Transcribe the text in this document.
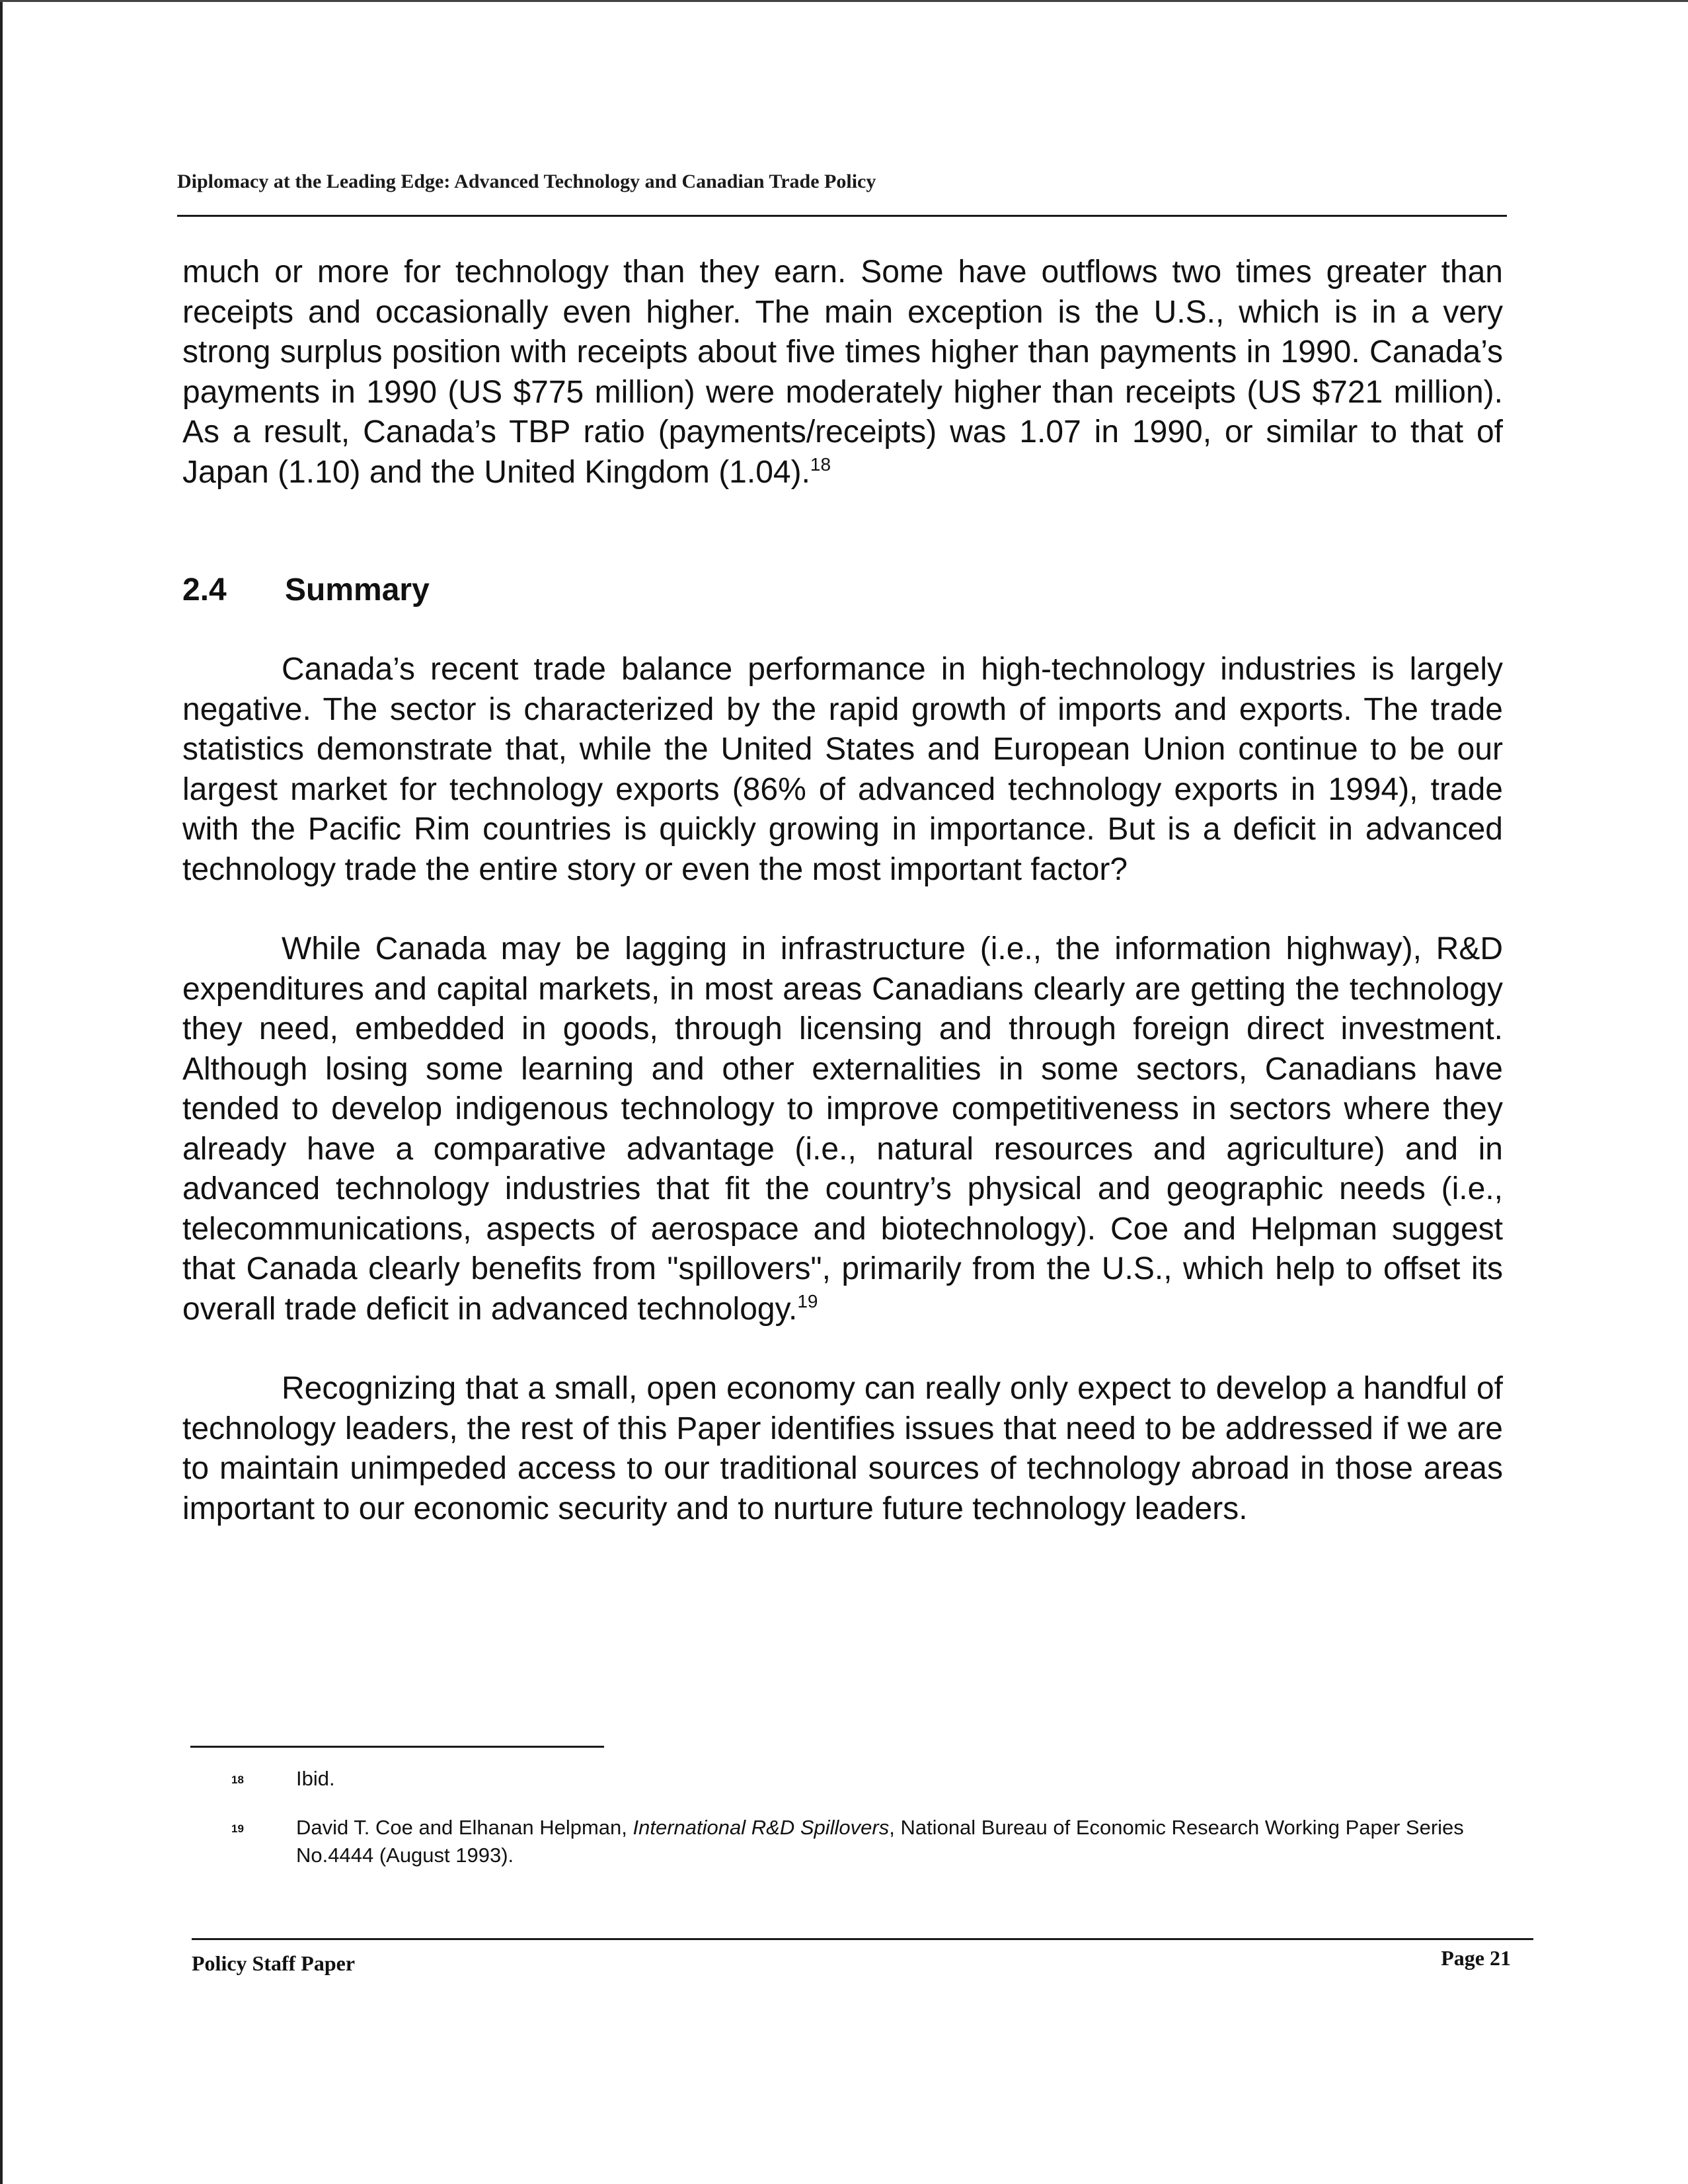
Diplomacy at the Leading Edge: Advanced Technology and Canadian Trade Policy

much or more for technology than they earn. Some have outflows two times greater than receipts and occasionally even higher. The main exception is the U.S., which is in a very strong surplus position with receipts about five times higher than payments in 1990. Canada’s payments in 1990 (US $775 million) were moderately higher than receipts (US $721 million). As a result, Canada’s TBP ratio (payments/receipts) was 1.07 in 1990, or similar to that of Japan (1.10) and the United Kingdom (1.04).$^{18}$

2.4	Summary

Canada’s recent trade balance performance in high-technology industries is largely negative. The sector is characterized by the rapid growth of imports and exports. The trade statistics demonstrate that, while the United States and European Union continue to be our largest market for technology exports (86% of advanced technology exports in 1994), trade with the Pacific Rim countries is quickly growing in importance. But is a deficit in advanced technology trade the entire story or even the most important factor?

While Canada may be lagging in infrastructure (i.e., the information highway), R&D expenditures and capital markets, in most areas Canadians clearly are getting the technology they need, embedded in goods, through licensing and through foreign direct investment. Although losing some learning and other externalities in some sectors, Canadians have tended to develop indigenous technology to improve competitiveness in sectors where they already have a comparative advantage (i.e., natural resources and agriculture) and in advanced technology industries that fit the country’s physical and geographic needs (i.e., telecommunications, aspects of aerospace and biotechnology). Coe and Helpman suggest that Canada clearly benefits from "spillovers", primarily from the U.S., which help to offset its overall trade deficit in advanced technology.$^{19}$

Recognizing that a small, open economy can really only expect to develop a handful of technology leaders, the rest of this Paper identifies issues that need to be addressed if we are to maintain unimpeded access to our traditional sources of technology abroad in those areas important to our economic security and to nurture future technology leaders.

18	Ibid.
19	David T. Coe and Elhanan Helpman, International R&D Spillovers, National Bureau of Economic Research Working Paper Series No.4444 (August 1993).
Policy Staff Paper	Page 21
